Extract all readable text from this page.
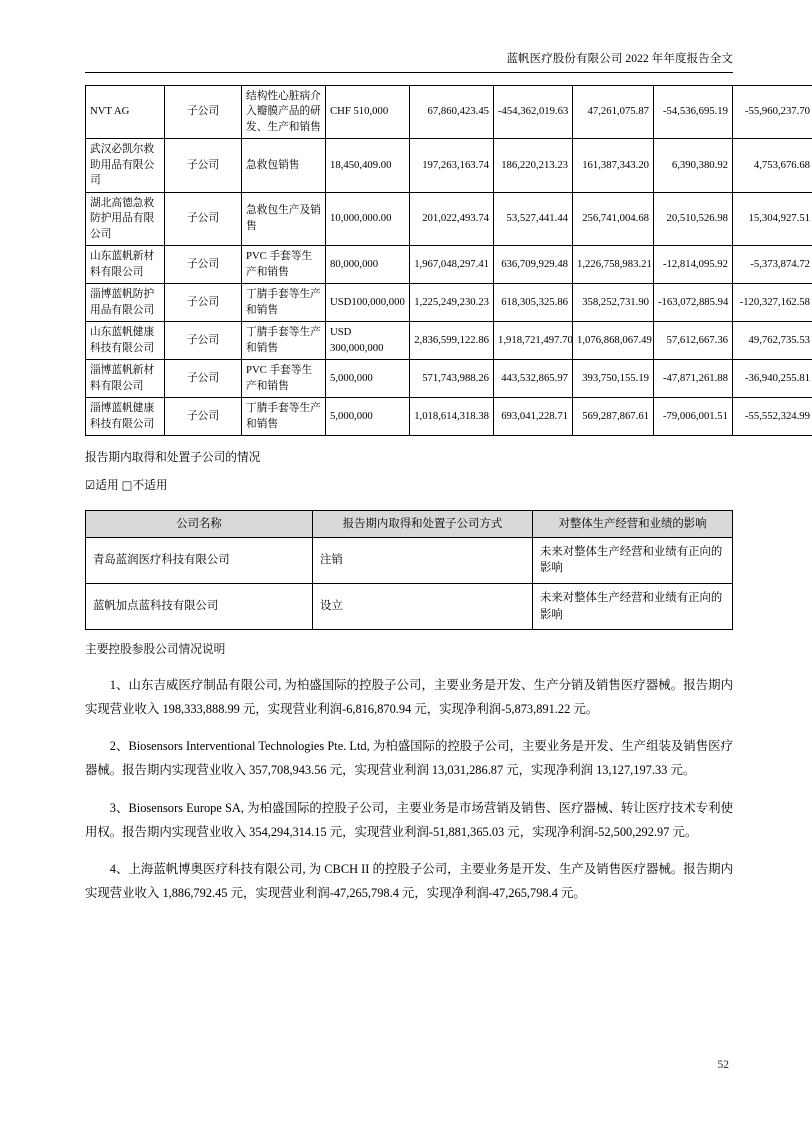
蓝帆医疗股份有限公司 2022 年年度报告全文
NVT AG	子公司	结构性心脏病介入瓣膜产品的研发、生产和销售	CHF 510,000	67,860,423.45	-454,362,019.63	47,261,075.87	-54,536,695.19	-55,960,237.70
武汉必凯尔救助用品有限公司	子公司	急救包销售	18,450,409.00	197,263,163.74	186,220,213.23	161,387,343.20	6,390,380.92	4,753,676.68
湖北高德急救防护用品有限公司	子公司	急救包生产及销售	10,000,000.00	201,022,493.74	53,527,441.44	256,741,004.68	20,510,526.98	15,304,927.51
山东蓝帆新材料有限公司	子公司	PVC 手套等生产和销售	80,000,000	1,967,048,297.41	636,709,929.48	1,226,758,983.21	-12,814,095.92	-5,373,874.72
淄博蓝帆防护用品有限公司	子公司	丁腈手套等生产和销售	USD100,000,000	1,225,249,230.23	618,305,325.86	358,252,731.90	-163,072,885.94	-120,327,162.58
山东蓝帆健康科技有限公司	子公司	丁腈手套等生产和销售	USD 300,000,000	2,836,599,122.86	1,918,721,497.70	1,076,868,067.49	57,612,667.36	49,762,735.53
淄博蓝帆新材料有限公司	子公司	PVC 手套等生产和销售	5,000,000	571,743,988.26	443,532,865.97	393,750,155.19	-47,871,261.88	-36,940,255.81
淄博蓝帆健康科技有限公司	子公司	丁腈手套等生产和销售	5,000,000	1,018,614,318.38	693,041,228.71	569,287,867.61	-79,006,001.51	-55,552,324.99

报告期内取得和处置子公司的情况

☑适用 □不适用

公司名称	报告期内取得和处置子公司方式	对整体生产经营和业绩的影响
青岛蓝润医疗科技有限公司	注销	未来对整体生产经营和业绩有正向的影响
蓝帆加点蓝科技有限公司	设立	未来对整体生产经营和业绩有正向的影响

主要控股参股公司情况说明

1、山东吉威医疗制品有限公司, 为柏盛国际的控股子公司，主要业务是开发、生产分销及销售医疗器械。报告期内实现营业收入 198,333,888.99 元，实现营业利润-6,816,870.94 元，实现净利润-5,873,891.22 元。

2、Biosensors Interventional Technologies Pte. Ltd, 为柏盛国际的控股子公司，主要业务是开发、生产组装及销售医疗器械。报告期内实现营业收入 357,708,943.56 元，实现营业利润 13,031,286.87 元，实现净利润 13,127,197.33 元。

3、Biosensors Europe SA, 为柏盛国际的控股子公司，主要业务是市场营销及销售、医疗器械、转让医疗技术专利使用权。报告期内实现营业收入 354,294,314.15 元，实现营业利润-51,881,365.03 元，实现净利润-52,500,292.97 元。

4、上海蓝帆博奥医疗科技有限公司, 为 CBCH II 的控股子公司，主要业务是开发、生产及销售医疗器械。报告期内实现营业收入 1,886,792.45 元，实现营业利润-47,265,798.4 元，实现净利润-47,265,798.4 元。

52
